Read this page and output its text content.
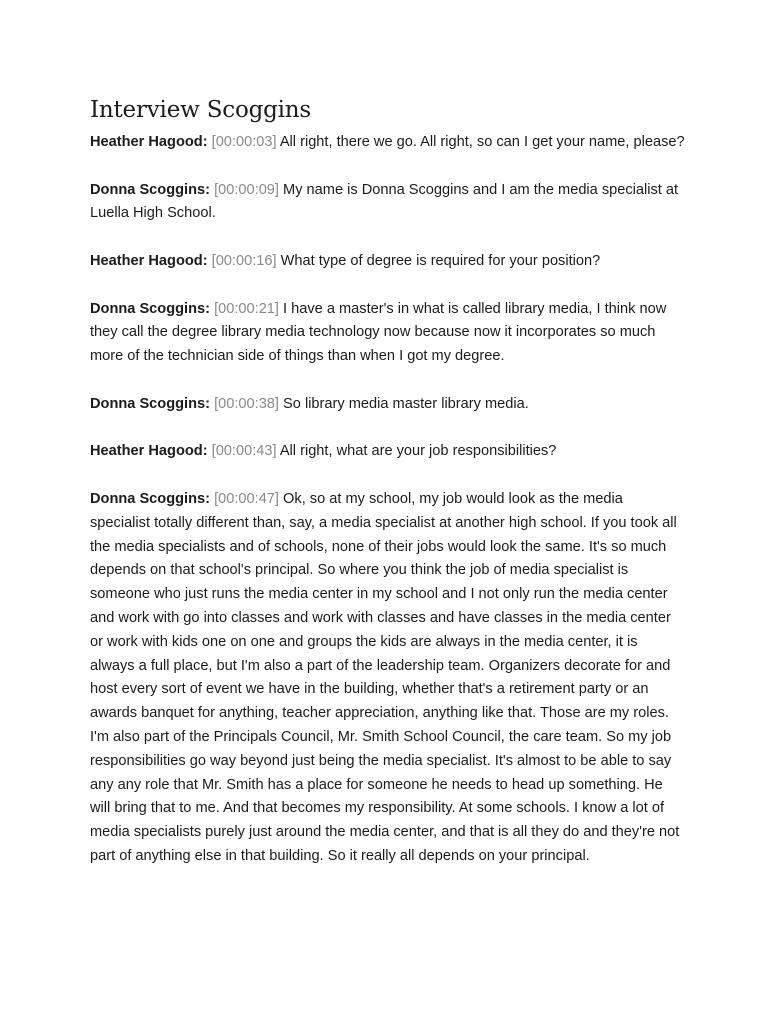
Interview Scoggins

Heather Hagood: [00:00:03] All right, there we go. All right, so can I get your name, please?

Donna Scoggins: [00:00:09] My name is Donna Scoggins and I am the media specialist at Luella High School.

Heather Hagood: [00:00:16] What type of degree is required for your position?

Donna Scoggins: [00:00:21] I have a master's in what is called library media, I think now they call the degree library media technology now because now it incorporates so much more of the technician side of things than when I got my degree.

Donna Scoggins: [00:00:38] So library media master library media.

Heather Hagood: [00:00:43] All right, what are your job responsibilities?

Donna Scoggins: [00:00:47] Ok, so at my school, my job would look as the media specialist totally different than, say, a media specialist at another high school. If you took all the media specialists and of schools, none of their jobs would look the same. It's so much depends on that school's principal. So where you think the job of media specialist is someone who just runs the media center in my school and I not only run the media center and work with go into classes and work with classes and have classes in the media center or work with kids one on one and groups the kids are always in the media center, it is always a full place, but I'm also a part of the leadership team. Organizers decorate for and host every sort of event we have in the building, whether that's a retirement party or an awards banquet for anything, teacher appreciation, anything like that. Those are my roles. I'm also part of the Principals Council, Mr. Smith School Council, the care team. So my job responsibilities go way beyond just being the media specialist. It's almost to be able to say any any role that Mr. Smith has a place for someone he needs to head up something. He will bring that to me. And that becomes my responsibility. At some schools. I know a lot of media specialists purely just around the media center, and that is all they do and they're not part of anything else in that building. So it really all depends on your principal.
